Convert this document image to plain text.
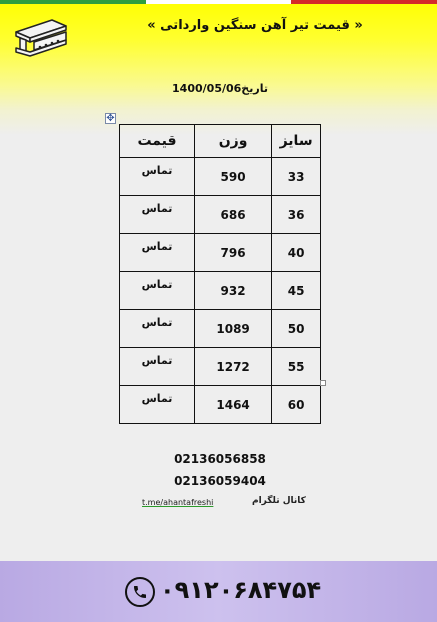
« قیمت تیر آهن سنگین وارداتی »
تاریخ1400/05/06
✥
سایز	وزن	قیمت
33	590	تماس
36	686	تماس
40	796	تماس
45	932	تماس
50	1089	تماس
55	1272	تماس
60	1464	تماس
02136056858
02136059404
t.me/ahantafreshi	کانال تلگرام
۰۹۱۲۰۶۸۴۷۵۴
